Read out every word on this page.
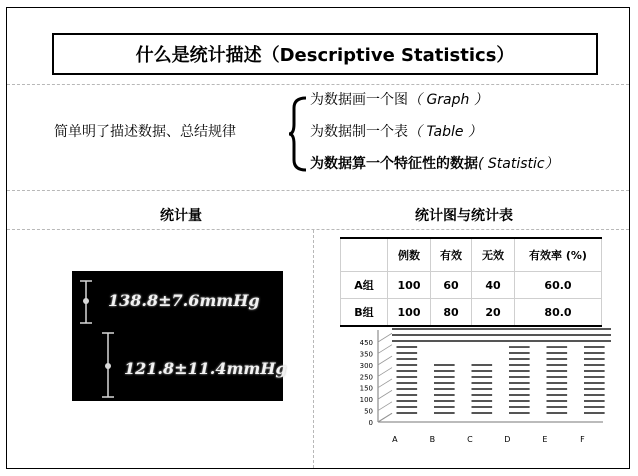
什么是统计描述（Descriptive Statistics）
简单明了描述数据、总结规律
为数据画一个图（ Graph ）
为数据制一个表（ Table ）
为数据算一个特征性的数据( Statistic）
统计量	统计图与统计表
138.8±7.6mmHg
121.8±11.4mmHg
	例数	有效	无效	有效率 (%)
A组	100	60	40	60.0
B组	100	80	20	80.0
0
50
100
150
250
300
350
450
A	B	C	D	E	F
